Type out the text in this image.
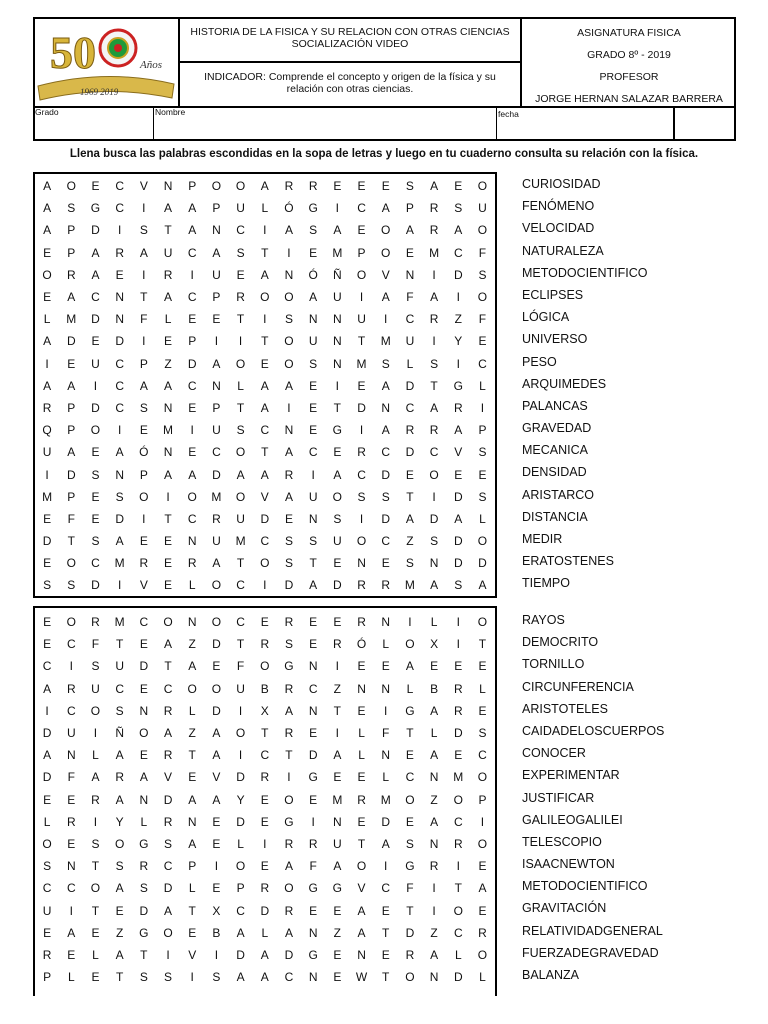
50	Años
1969 2019
HISTORIA DE LA FISICA Y SU RELACION CON OTRAS CIENCIAS
SOCIALIZACIÓN VIDEO
INDICADOR: Comprende el concepto y origen de la física y su
relación con otras ciencias.
ASIGNATURA FISICA
GRADO 8º - 2019
PROFESOR
JORGE HERNAN SALAZAR BARRERA
Grado	Nombre	fecha
Llena busca las palabras escondidas en la sopa de letras y luego en tu cuaderno consulta su relación con la física.
A	O	E	C	V	N	P	O	O	A	R	R	E	E	E	S	A	E	O
A	S	G	C	I	A	A	P	U	L	Ó	G	I	C	A	P	R	S	U
A	P	D	I	S	T	A	N	C	I	A	S	A	E	O	A	R	A	O
E	P	A	R	A	U	C	A	S	T	I	E	M	P	O	E	M	C	F
O	R	A	E	I	R	I	U	E	A	N	Ó	Ñ	O	V	N	I	D	S
E	A	C	N	T	A	C	P	R	O	O	A	U	I	A	F	A	I	O
L	M	D	N	F	L	E	E	T	I	S	N	N	U	I	C	R	Z	F
A	D	E	D	I	E	P	I	I	T	O	U	N	T	M	U	I	Y	E
I	E	U	C	P	Z	D	A	O	E	O	S	N	M	S	L	S	I	C
A	A	I	C	A	A	C	N	L	A	A	E	I	E	A	D	T	G	L
R	P	D	C	S	N	E	P	T	A	I	E	T	D	N	C	A	R	I
Q	P	O	I	E	M	I	U	S	C	N	E	G	I	A	R	R	A	P
U	A	E	A	Ó	N	E	C	O	T	A	C	E	R	C	D	C	V	S
I	D	S	N	P	A	A	D	A	A	R	I	A	C	D	E	O	E	E
M	P	E	S	O	I	O	M	O	V	A	U	O	S	S	T	I	D	S
E	F	E	D	I	T	C	R	U	D	E	N	S	I	D	A	D	A	L
D	T	S	A	E	E	N	U	M	C	S	S	U	O	C	Z	S	D	O
E	O	C	M	R	E	R	A	T	O	S	T	E	N	E	S	N	D	D
S	S	D	I	V	E	L	O	C	I	D	A	D	R	R	M	A	S	A
CURIOSIDAD
FENÓMENO
VELOCIDAD
NATURALEZA
METODOCIENTIFICO
ECLIPSES
LÓGICA
UNIVERSO
PESO
ARQUIMEDES
PALANCAS
GRAVEDAD
MECANICA
DENSIDAD
ARISTARCO
DISTANCIA
MEDIR
ERATOSTENES
TIEMPO
E	O	R	M	C	O	N	O	C	E	R	E	E	R	N	I	L	I	O
E	C	F	T	E	A	Z	D	T	R	S	E	R	Ó	L	O	X	I	T
C	I	S	U	D	T	A	E	F	O	G	N	I	E	E	A	E	E	E
A	R	U	C	E	C	O	O	U	B	R	C	Z	N	N	L	B	R	L
I	C	O	S	N	R	L	D	I	X	A	N	T	E	I	G	A	R	E
D	U	I	Ñ	O	A	Z	A	O	T	R	E	I	L	F	T	L	D	S
A	N	L	A	E	R	T	A	I	C	T	D	A	L	N	E	A	E	C
D	F	A	R	A	V	E	V	D	R	I	G	E	E	L	C	N	M	O
E	E	R	A	N	D	A	A	Y	E	O	E	M	R	M	O	Z	O	P
L	R	I	Y	L	R	N	E	D	E	G	I	N	E	D	E	A	C	I
O	E	S	O	G	S	A	E	L	I	R	R	U	T	A	S	N	R	O
S	N	T	S	R	C	P	I	O	E	A	F	A	O	I	G	R	I	E
C	C	O	A	S	D	L	E	P	R	O	G	G	V	C	F	I	T	A
U	I	T	E	D	A	T	X	C	D	R	E	E	A	E	T	I	O	E
E	A	E	Z	G	O	E	B	A	L	A	N	Z	A	T	D	Z	C	R
R	E	L	A	T	I	V	I	D	A	D	G	E	N	E	R	A	L	O
P	L	E	T	S	S	I	S	A	A	C	N	E	W	T	O	N	D	L
RAYOS
DEMOCRITO
TORNILLO
CIRCUNFERENCIA
ARISTOTELES
CAIDADELOSCUERPOS
CONOCER
EXPERIMENTAR
JUSTIFICAR
GALILEOGALILEI
TELESCOPIO
ISAACNEWTON
METODOCIENTIFICO
GRAVITACIÓN
RELATIVIDADGENERAL
FUERZADEGRAVEDAD
BALANZA
